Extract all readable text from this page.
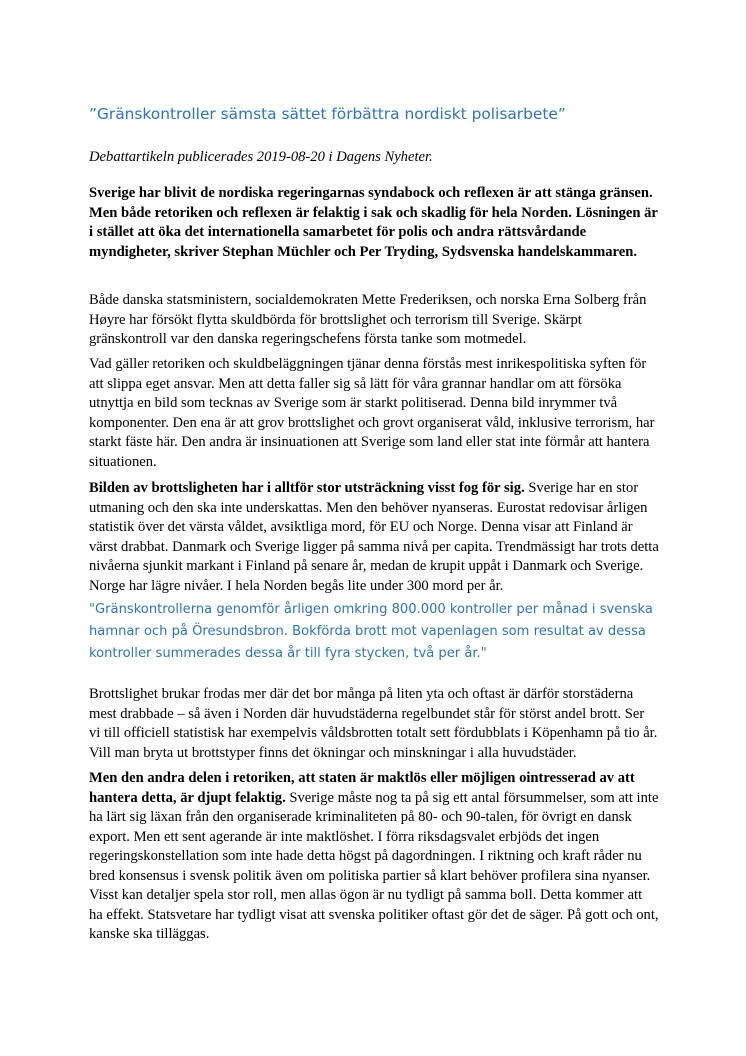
”Gränskontroller sämsta sättet förbättra nordiskt polisarbete”

Debattartikeln publicerades 2019-08-20 i Dagens Nyheter.

Sverige har blivit de nordiska regeringarnas syndabock och reflexen är att stänga gränsen. Men både retoriken och reflexen är felaktig i sak och skadlig för hela Norden. Lösningen är i stället att öka det internationella samarbetet för polis och andra rättsvårdande myndigheter, skriver Stephan Müchler och Per Tryding, Sydsvenska handelskammaren.

Både danska statsministern, socialdemokraten Mette Frederiksen, och norska Erna Solberg från Høyre har försökt flytta skuldbörda för brottslighet och terrorism till Sverige. Skärpt gränskontroll var den danska regeringschefens första tanke som motmedel.

Vad gäller retoriken och skuldbeläggningen tjänar denna förstås mest inrikespolitiska syften för att slippa eget ansvar. Men att detta faller sig så lätt för våra grannar handlar om att försöka utnyttja en bild som tecknas av Sverige som är starkt politiserad. Denna bild inrymmer två komponenter. Den ena är att grov brottslighet och grovt organiserat våld, inklusive terrorism, har starkt fäste här. Den andra är insinuationen att Sverige som land eller stat inte förmår att hantera situationen.

Bilden av brottsligheten har i alltför stor utsträckning visst fog för sig. Sverige har en stor utmaning och den ska inte underskattas. Men den behöver nyanseras. Eurostat redovisar årligen statistik över det värsta våldet, avsiktliga mord, för EU och Norge. Denna visar att Finland är värst drabbat. Danmark och Sverige ligger på samma nivå per capita. Trendmässigt har trots detta nivåerna sjunkit markant i Finland på senare år, medan de krupit uppåt i Danmark och Sverige. Norge har lägre nivåer. I hela Norden begås lite under 300 mord per år.

"Gränskontrollerna genomför årligen omkring 800.000 kontroller per månad i svenska hamnar och på Öresundsbron. Bokförda brott mot vapenlagen som resultat av dessa kontroller summerades dessa år till fyra stycken, två per år."

Brottslighet brukar frodas mer där det bor många på liten yta och oftast är därför storstäderna mest drabbade – så även i Norden där huvudstäderna regelbundet står för störst andel brott. Ser vi till officiell statistisk har exempelvis våldsbrotten totalt sett fördubblats i Köpenhamn på tio år. Vill man bryta ut brottstyper finns det ökningar och minskningar i alla huvudstäder.

Men den andra delen i retoriken, att staten är maktlös eller möjligen ointresserad av att hantera detta, är djupt felaktig. Sverige måste nog ta på sig ett antal försummelser, som att inte ha lärt sig läxan från den organiserade kriminaliteten på 80- och 90-talen, för övrigt en dansk export. Men ett sent agerande är inte maktlöshet. I förra riksdagsvalet erbjöds det ingen regeringskonstellation som inte hade detta högst på dagordningen. I riktning och kraft råder nu bred konsensus i svensk politik även om politiska partier så klart behöver profilera sina nyanser. Visst kan detaljer spela stor roll, men allas ögon är nu tydligt på samma boll. Detta kommer att ha effekt. Statsvetare har tydligt visat att svenska politiker oftast gör det de säger. På gott och ont, kanske ska tilläggas.
